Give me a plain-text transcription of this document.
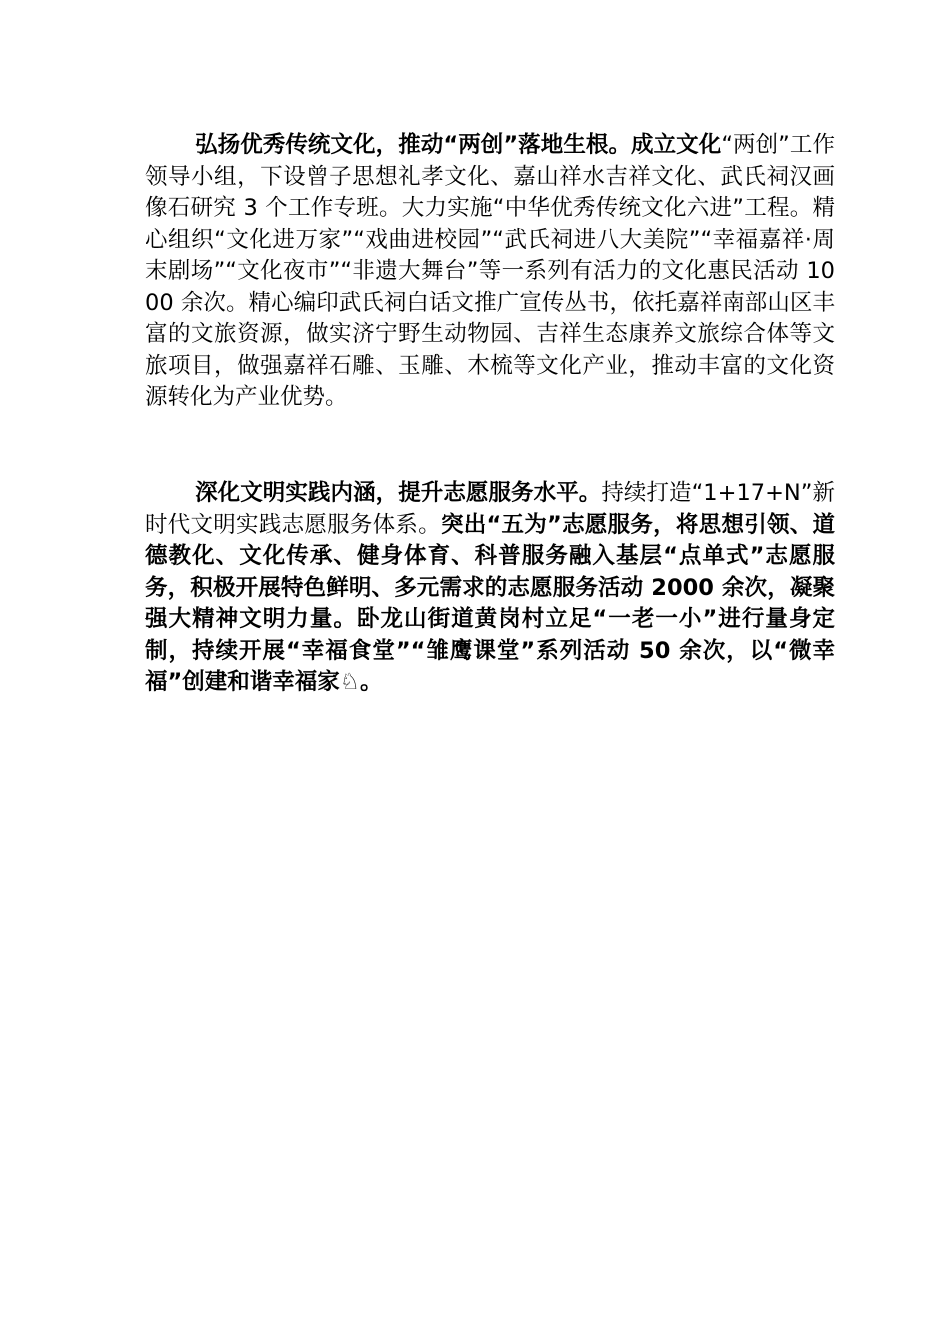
弘扬优秀传统文化，推动“两创”落地生根。成立文化“两创”工作领导小组，下设曾子思想礼孝文化、嘉山祥水吉祥文化、武氏祠汉画像石研究 3 个工作专班。大力实施“中华优秀传统文化六进”工程。精心组织“文化进万家”“戏曲进校园”“武氏祠进八大美院”“幸福嘉祥·周末剧场”“文化夜市”“非遗大舞台”等一系列有活力的文化惠民活动 1000 余次。精心编印武氏祠白话文推广宣传丛书，依托嘉祥南部山区丰富的文旅资源，做实济宁野生动物园、吉祥生态康养文旅综合体等文旅项目，做强嘉祥石雕、玉雕、木梳等文化产业，推动丰富的文化资源转化为产业优势。

深化文明实践内涵，提升志愿服务水平。持续打造“1+17+N”新时代文明实践志愿服务体系。突出“五为”志愿服务，将思想引领、道德教化、文化传承、健身体育、科普服务融入基层“点单式”志愿服务，积极开展特色鲜明、多元需求的志愿服务活动 2000 余次，凝聚强大精神文明力量。卧龙山街道黄岗村立足“一老一小”进行量身定制，持续开展“幸福食堂”“雏鹰课堂”系列活动 50 余次，以“微幸福”创建和谐幸福家♘。
